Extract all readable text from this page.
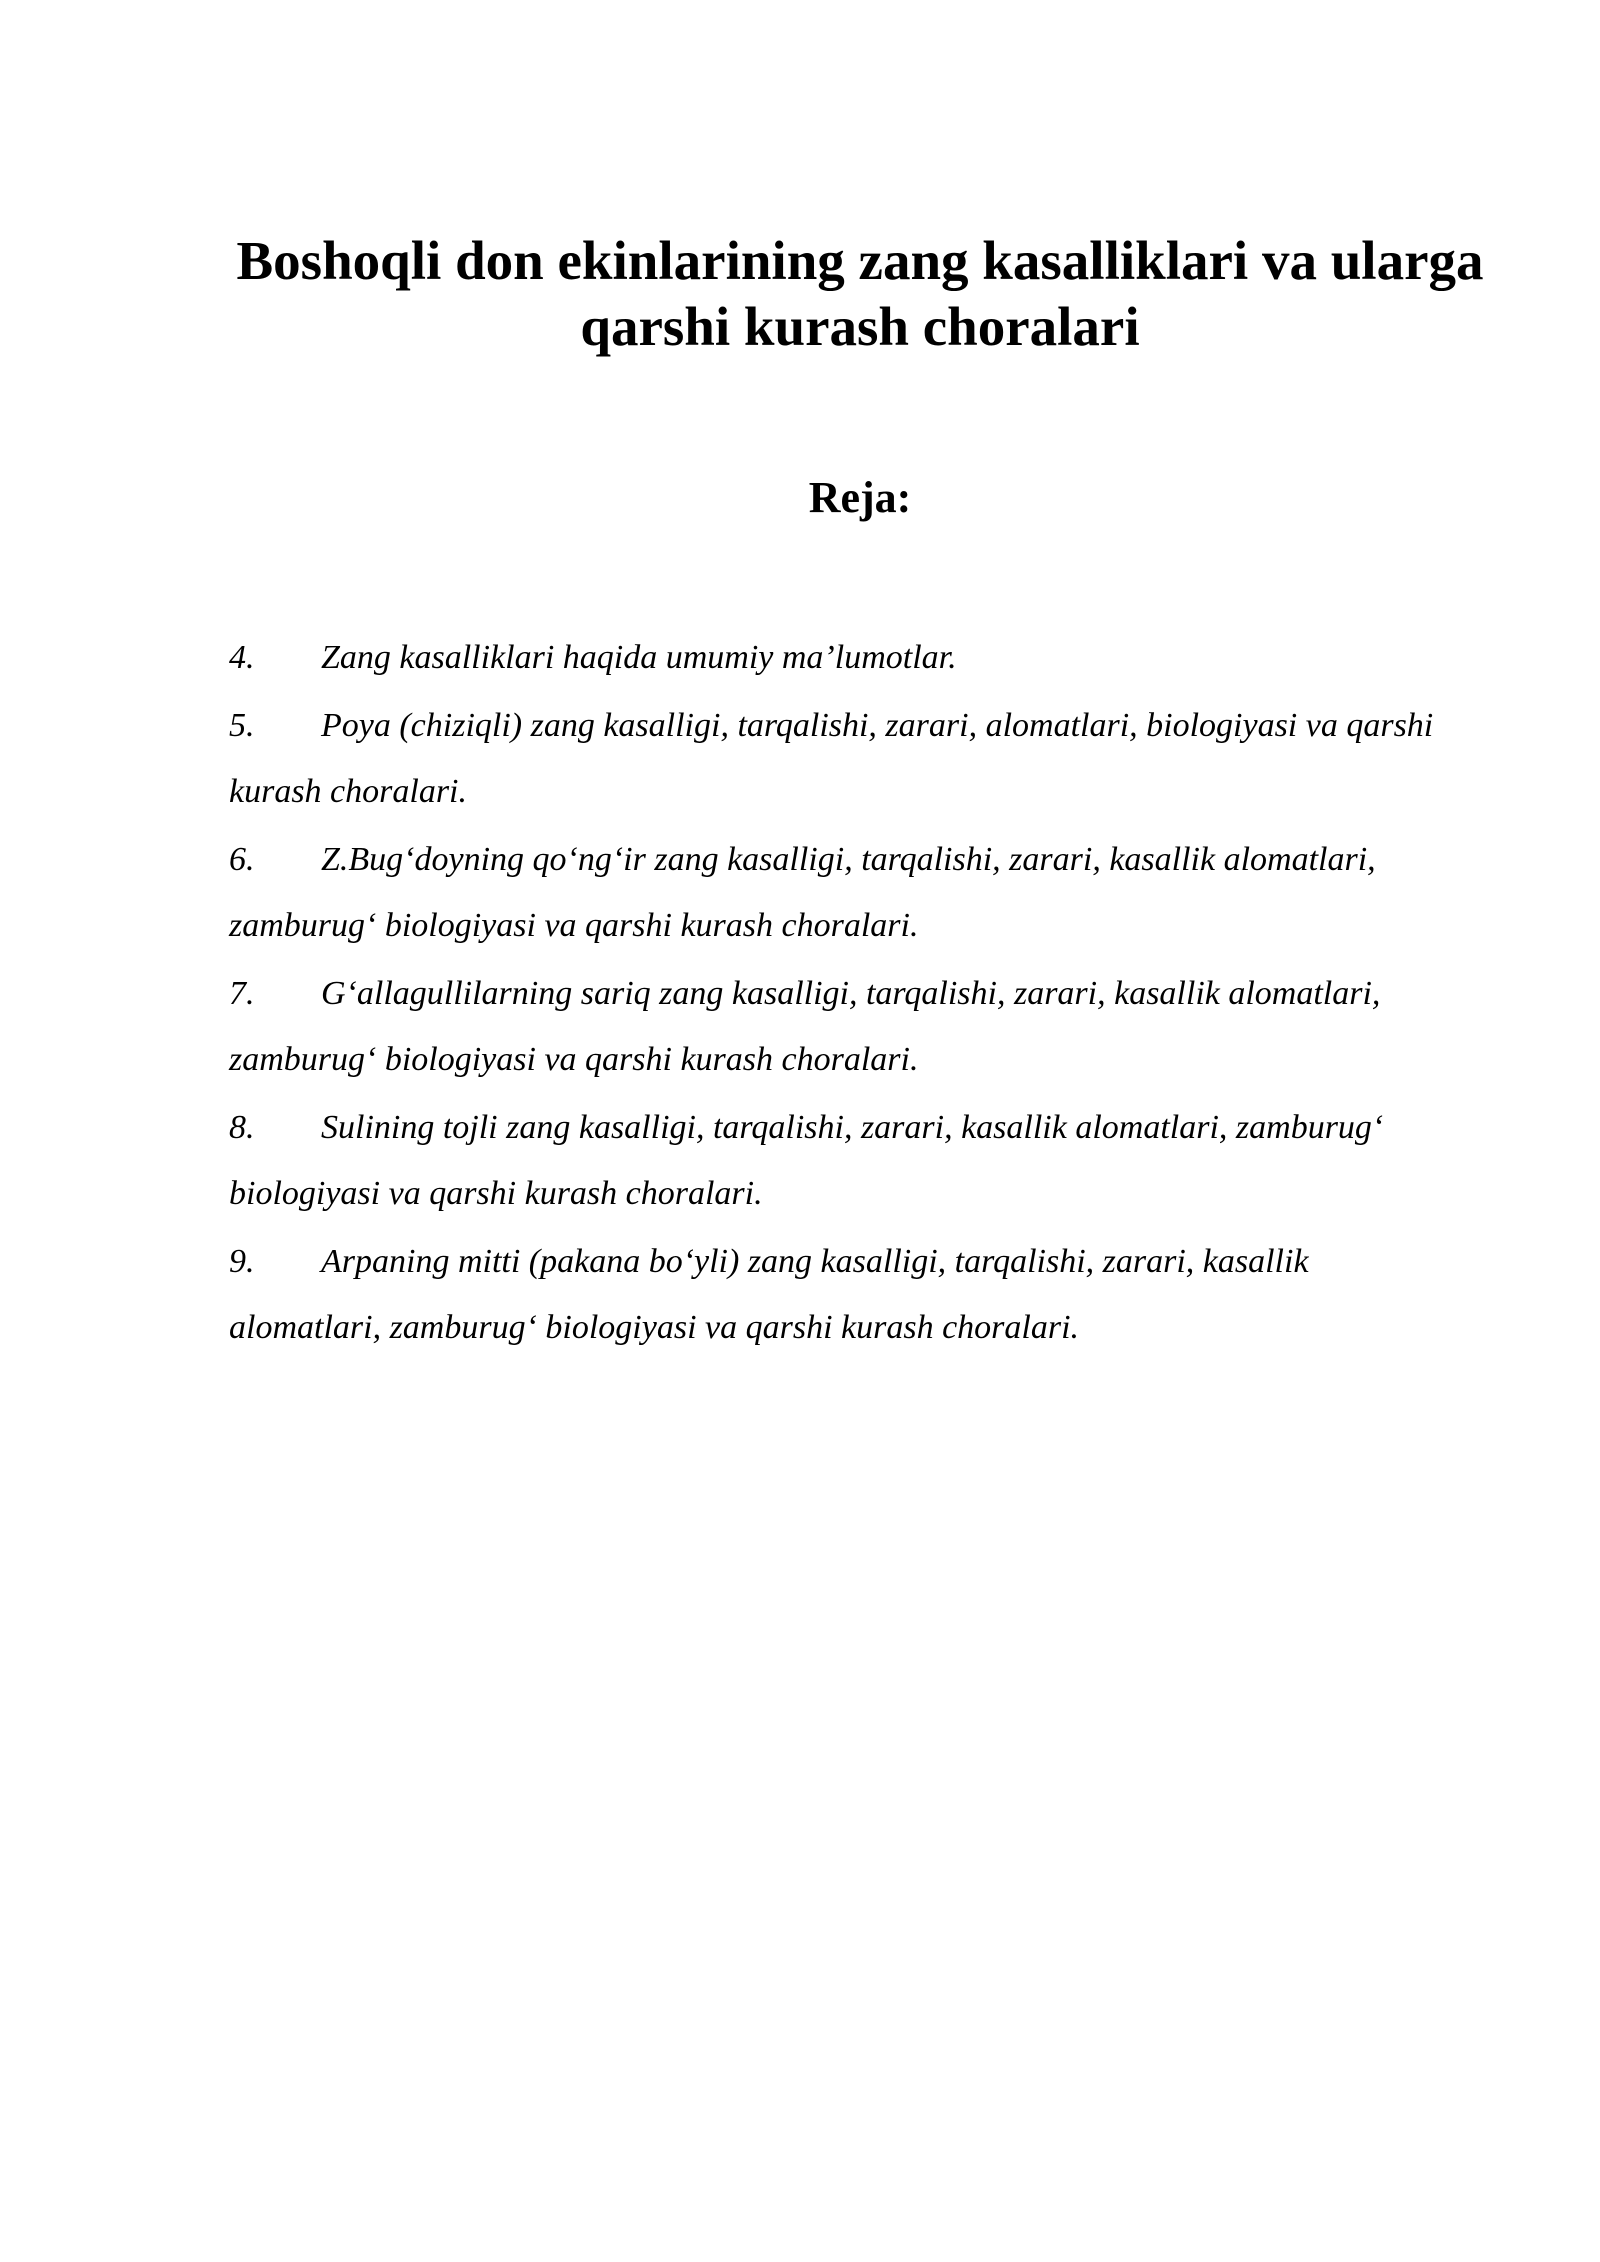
Boshoqli don ekinlarining zang kasalliklari va ularga qarshi kurash choralari
Reja:
4. Zang kasalliklari haqida umumiy ma’lumotlar.
5. Poya (chiziqli) zang kasalligi, tarqalishi, zarari, alomatlari, biologiyasi va qarshi kurash choralari.
6. Z.Bug‘doyning qo‘ng‘ir zang kasalligi, tarqalishi, zarari, kasallik alomatlari, zamburug‘ biologiyasi va qarshi kurash choralari.
7. G‘allagullilarning sariq zang kasalligi, tarqalishi, zarari, kasallik alomatlari, zamburug‘ biologiyasi va qarshi kurash choralari.
8. Sulining tojli zang kasalligi, tarqalishi, zarari, kasallik alomatlari, zamburug‘ biologiyasi va qarshi kurash choralari.
9. Arpaning mitti (pakana bo‘yli) zang kasalligi, tarqalishi, zarari, kasallik alomatlari, zamburug‘ biologiyasi va qarshi kurash choralari.
